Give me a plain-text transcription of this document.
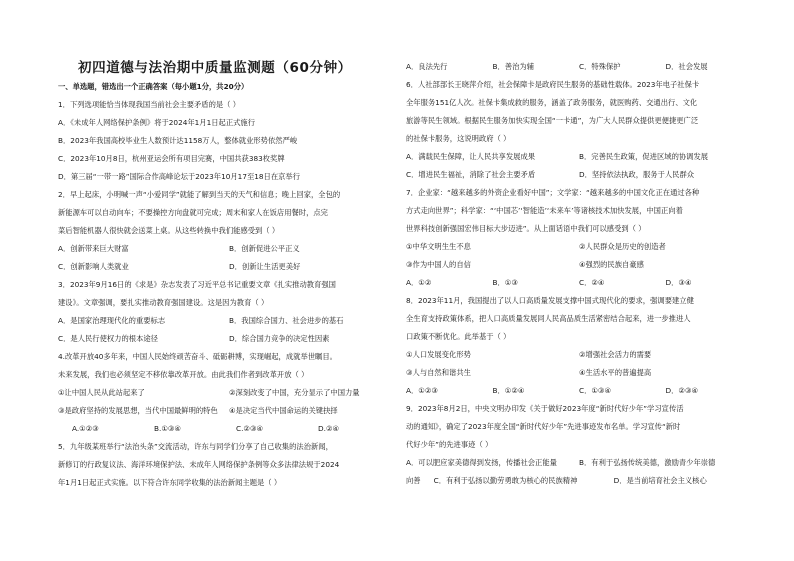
初四道德与法治期中质量监测题（60分钟）

一、单选题，错选出一个正确答案（每小题1分，共20分）

1．下列选项能恰当体现我国当前社会主要矛盾的是（ ）

A．《未成年人网络保护条例》将于2024年1月1日起正式施行

B．2023年我国高校毕业生人数预计达1158万人，整体就业形势依然严峻

C．2023年10月8日，杭州亚运会所有项目完赛，中国共获383枚奖牌

D．第三届“一带一路”国际合作高峰论坛于2023年10月17至18日在京举行

2．早上起床，小明喊一声“小爱同学”就能了解到当天的天气和信息；晚上回家，全包的

新能源车可以自动向车；不要操控方向盘就可完成；周末和家人在饭店用餐时，点完

菜后智能机器人很快就会送菜上桌。从这些转换中我们能感受到（ ）

A．创新带来巨大财富	B．创新促进公平正义
C．创新影响人类就业	D．创新让生活更美好

3．2023年9月16日的《求是》杂志发表了习近平总书记重要文章《扎实推动教育强国

建设》。文章强调，要扎实推动教育强国建设。这是因为教育（ ）

A．是国家治理现代化的重要标志	B．我国综合国力、社会进步的基石
C．是人民行使权力的根本途径	D．综合国力竞争的决定性因素

4.改革开放40多年来，中国人民始终顽苦奋斗、砥砺耕博，实现崛起，成就举世瞩目。

未来发展，我们也必须坚定不移依靠改革开放。由此我们作者到改革开放（ ）

①让中国人民从此站起来了	②深刻改变了中国，充分显示了中国力量
③是政府坚持的发展思想，当代中国最鲜明的特色	④是决定当代中国命运的关键抉择
A.①②③	B.①③④	C.②③④	D.②④

5．九年级某班举行“法治头条”交流活动，许东与同学们分享了自己收集的法治新闻，

新修订的行政复议法、海洋环境保护法、未成年人网络保护条例等众多法律法规于2024

年1月1日起正式实施。以下符合许东同学收集的法治新闻主题是（ ）

A．良法先行	B．善治为辅	C．特殊保护	D．社会发展

6．人社部部长王晓萍介绍，社会保障卡是政府民生服务的基础性载体。2023年电子社保卡

全年服务151亿人次。社保卡集成救的服务，涵盖了政务服务，就医购药、交通出行、文化

旅游等民生领域。根据民生服务加快实现全国“一卡通”，为广大人民群众提供更便捷更广泛

的社保卡服务，这说明政府（ ）

A．满载民生保障，让人民共享发展成果	B．完善民生政策，促进区域的协调发展
C．增进民生福祉，消除了社会主要矛盾	D．坚持依法执政，服务于人民群众

7．企业家：“越来越多的外资企业看好中国”；文学家：“越来越多的中国文化正在通过各种

方式走向世界”；科学家：“‘中国芯’‘智能造’‘未来车’等诸核技术加快发展，中国正向着

世界科技创新强国宏伟目标大步迈进”。从上面话语中我们可以感受到（ ）

①中华文明生生不息	②人民群众是历史的创造者
③作为中国人的自信	④强烈的民族自豪感
A．①②	B．①③	C．②④	D．③④

8．2023年11月，我国提出了以人口高质量发展支撑中国式现代化的要求，强调要建立健

全生育支持政策体系，把人口高质量发展同人民高品质生活紧密结合起来，进一步推进人

口政策不断优化。此举基于（ ）

①人口发展变化形势	②增强社会活力的需要
③人与自然和谐共生	④生活水平的普遍提高
A．①②③	B．①②④	C．①③④	D．②③④

9．2023年8月2日，中央文明办印发《关于做好2023年度“新时代好少年”学习宣传活

动的通知》，确定了2023年度全国“新时代好少年”先进事迹发布名单。学习宣传“新时

代好少年”的先进事迹（ ）

A．可以肥应家美德得到发扬，传播社会正能量	B．有利于弘扬传统美德，激励青少年崇德
向善	C．有利于弘扬以勤劳勇敢为核心的民族精神	D．是当前培育社会主义核心
